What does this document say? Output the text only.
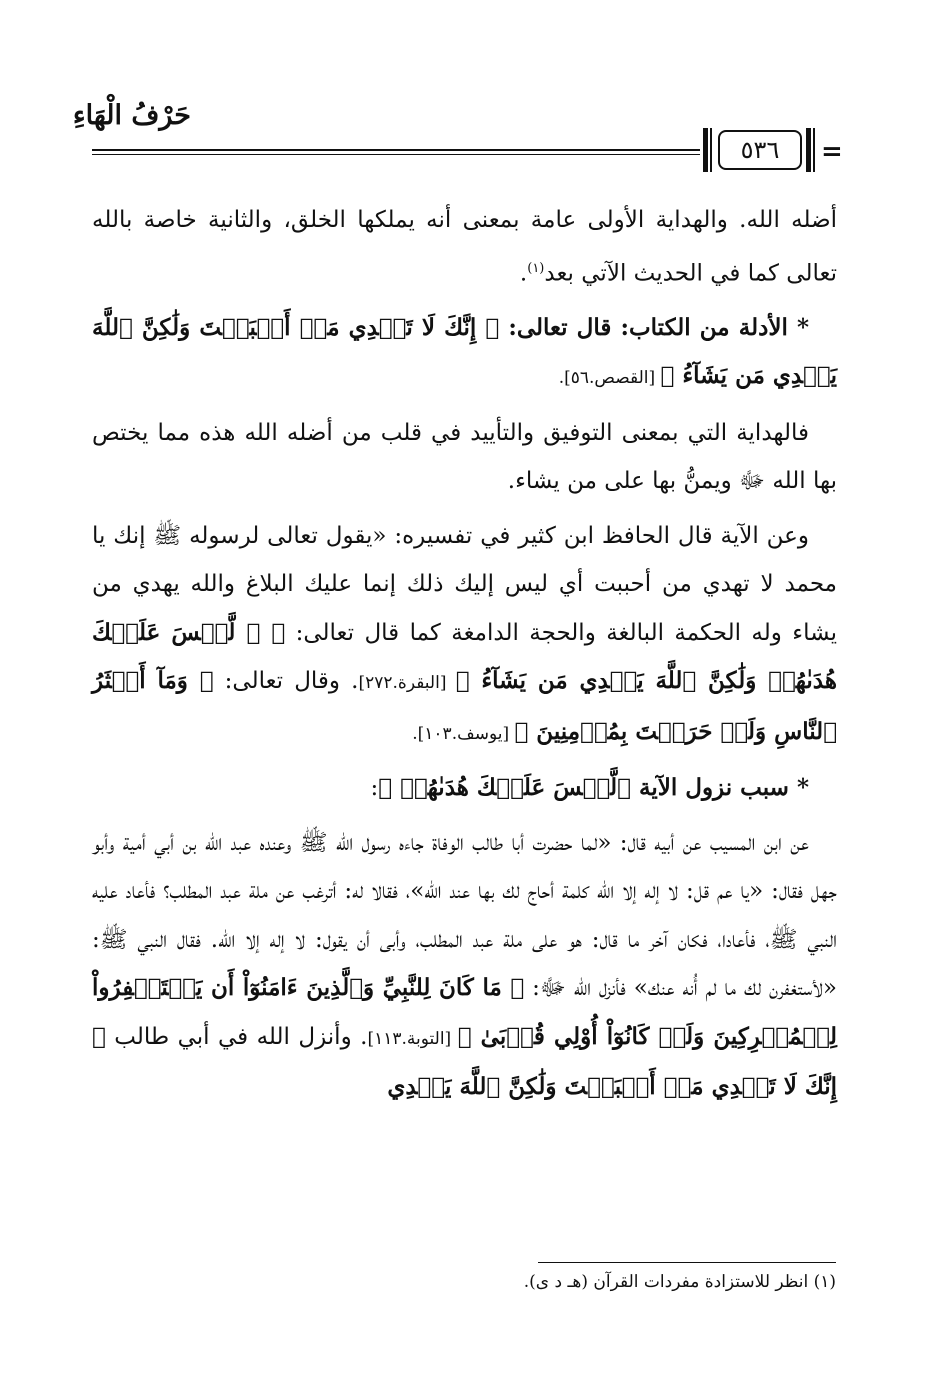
حَرْفُ الْهَاءِ
٥٣٦ =

أضله الله. والهداية الأولى عامة بمعنى أنه يملكها الخلق، والثانية خاصة بالله تعالى كما في الحديث الآتي بعد$^{(١)}$.

* الأدلة من الكتاب: قال تعالى: ﴿ إِنَّكَ لَا تَهۡدِي مَنۡ أَحۡبَبۡتَ وَلَٰكِنَّ ٱللَّهَ يَهۡدِي مَن يَشَآءُ ﴾ [القصص.٥٦].

فالهداية التي بمعنى التوفيق والتأييد في قلب من أضله الله هذه مما يختص بها الله ﷻ ويمنُّ بها على من يشاء.

وعن الآية قال الحافظ ابن كثير في تفسيره: «يقول تعالى لرسوله ﷺ إنك يا محمد لا تهدي من أحببت أي ليس إليك ذلك إنما عليك البلاغ والله يهدي من يشاء وله الحكمة البالغة والحجة الدامغة كما قال تعالى: ﴿ ۞ لَّيۡسَ عَلَيۡكَ هُدَىٰهُمۡ وَلَٰكِنَّ ٱللَّهَ يَهۡدِي مَن يَشَآءُ ﴾ [البقرة.٢٧٢]. وقال تعالى: ﴿ وَمَآ أَكۡثَرُ ٱلنَّاسِ وَلَوۡ حَرَصۡتَ بِمُؤۡمِنِينَ ﴾ [يوسف.١٠٣].

* سبب نزول الآية ﴿لَّيۡسَ عَلَيۡكَ هُدَىٰهُمۡ ﴾:

عن ابن المسيب عن أبيه قال: «لما حضرت أبا طالب الوفاة جاءه رسول الله ﷺ وعنده عبد الله بن أبي أمية وأبو جهل فقال: «يا عم قل: لا إله إلا الله كلمة أحاج لك بها عند الله»، فقالا له: أترغب عن ملة عبد المطلب؟ فأعاد عليه النبي ﷺ، فأعادا، فكان آخر ما قال: هو على ملة عبد المطلب، وأبى أن يقول: لا إله إلا الله. فقال النبي ﷺ: «لأستغفرن لك ما لم أُنه عنك» فأنزل الله ﷻ: ﴿ مَا كَانَ لِلنَّبِيِّ وَٱلَّذِينَ ءَامَنُوٓاْ أَن يَسۡتَغۡفِرُواْ لِلۡمُشۡرِكِينَ وَلَوۡ كَانُوٓاْ أُوْلِي قُرۡبَىٰ ﴾ [التوبة.١١٣]. وأنزل الله في أبي طالب ﴿ إِنَّكَ لَا تَهۡدِي مَنۡ أَحۡبَبۡتَ وَلَٰكِنَّ ٱللَّهَ يَهۡدِي

(١) انظر للاستزادة مفردات القرآن (هـ د ى).
